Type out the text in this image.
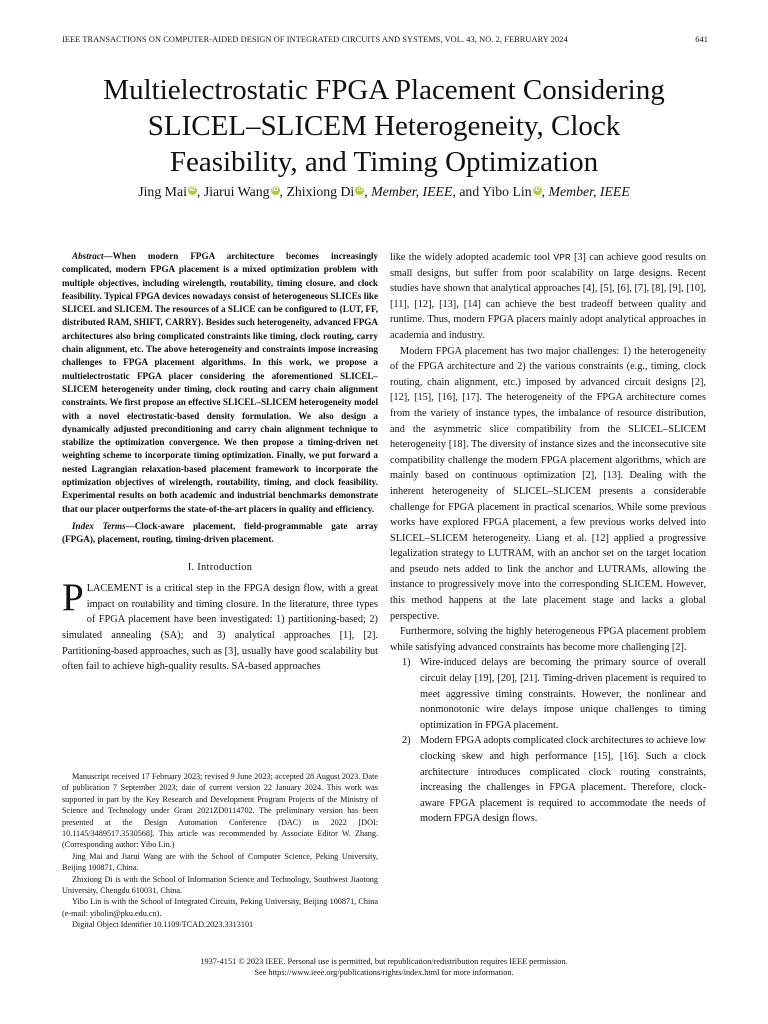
IEEE TRANSACTIONS ON COMPUTER-AIDED DESIGN OF INTEGRATED CIRCUITS AND SYSTEMS, VOL. 43, NO. 2, FEBRUARY 2024	641
Multielectrostatic FPGA Placement Considering
SLICEL–SLICEM Heterogeneity, Clock
Feasibility, and Timing Optimization
Jing Mai iD , Jiarui Wang iD , Zhixiong Di iD , Member, IEEE, and Yibo Lin iD , Member, IEEE

Abstract—When modern FPGA architecture becomes increasingly complicated, modern FPGA placement is a mixed optimization problem with multiple objectives, including wirelength, routability, timing closure, and clock feasibility. Typical FPGA devices nowadays consist of heterogeneous SLICEs like SLICEL and SLICEM. The resources of a SLICE can be configured to {LUT, FF, distributed RAM, SHIFT, CARRY}. Besides such heterogeneity, advanced FPGA architectures also bring complicated constraints like timing, clock routing, carry chain alignment, etc. The above heterogeneity and constraints impose increasing challenges to FPGA placement algorithms. In this work, we propose a multielectrostatic FPGA placer considering the aforementioned SLICEL–SLICEM heterogeneity under timing, clock routing and carry chain alignment constraints. We first propose an effective SLICEL–SLICEM heterogeneity model with a novel electrostatic-based density formulation. We also design a dynamically adjusted preconditioning and carry chain alignment technique to stabilize the optimization convergence. We then propose a timing-driven net weighting scheme to incorporate timing optimization. Finally, we put forward a nested Lagrangian relaxation-based placement framework to incorporate the optimization objectives of wirelength, routability, timing, and clock feasibility. Experimental results on both academic and industrial benchmarks demonstrate that our placer outperforms the state-of-the-art placers in quality and efficiency.

Index Terms—Clock-aware placement, field-programmable gate array (FPGA), placement, routing, timing-driven placement.

I. Introduction

PLACEMENT is a critical step in the FPGA design flow, with a great impact on routability and timing closure. In the literature, three types of FPGA placement have been investigated: 1) partitioning-based; 2) simulated annealing (SA); and 3) analytical approaches [1], [2]. Partitioning-based approaches, such as [3], usually have good scalability but often fail to achieve high-quality results. SA-based approaches

Manuscript received 17 February 2023; revised 9 June 2023; accepted 28 August 2023. Date of publication 7 September 2023; date of current version 22 January 2024. This work was supported in part by the Key Research and Development Program Projects of the Ministry of Science and Technology under Grant 2021ZD0114702. The preliminary version has been presented at the Design Automation Conference (DAC) in 2022 [DOI: 10.1145/3489517.3530568]. This article was recommended by Associate Editor W. Zhang. (Corresponding author: Yibo Lin.)

Jing Mai and Jiarui Wang are with the School of Computer Science, Peking University, Beijing 100871, China.

Zhixiong Di is with the School of Information Science and Technology, Southwest Jiaotong University, Chengdu 610031, China.

Yibo Lin is with the School of Integrated Circuits, Peking University, Beijing 100871, China (e-mail: yibolin@pku.edu.cn).

Digital Object Identifier 10.1109/TCAD.2023.3313101

like the widely adopted academic tool VPR [3] can achieve good results on small designs, but suffer from poor scalability on large designs. Recent studies have shown that analytical approaches [4], [5], [6], [7], [8], [9], [10], [11], [12], [13], [14] can achieve the best tradeoff between quality and runtime. Thus, modern FPGA placers mainly adopt analytical approaches in academia and industry.

Modern FPGA placement has two major challenges: 1) the heterogeneity of the FPGA architecture and 2) the various constraints (e.g., timing, clock routing, chain alignment, etc.) imposed by advanced circuit designs [2], [12], [15], [16], [17]. The heterogeneity of the FPGA architecture comes from the variety of instance types, the imbalance of resource distribution, and the asymmetric slice compatibility from the SLICEL–SLICEM heterogeneity [18]. The diversity of instance sizes and the inconsecutive site compatibility challenge the modern FPGA placement algorithms, which are mainly based on continuous optimization [2], [13]. Dealing with the inherent heterogeneity of SLICEL–SLICEM presents a considerable challenge for FPGA placement in practical scenarios. While some previous works have explored FPGA placement, a few previous works delved into SLICEL–SLICEM heterogeneity. Liang et al. [12] applied a progressive legalization strategy to LUTRAM, with an anchor set on the target location and pseudo nets added to link the anchor and LUTRAMs, allowing the instance to progressively move into the corresponding SLICEM. However, this method happens at the late placement stage and lacks a global perspective.

Furthermore, solving the highly heterogeneous FPGA placement problem while satisfying advanced constraints has become more challenging [2].

1) Wire-induced delays are becoming the primary source of overall circuit delay [19], [20], [21]. Timing-driven placement is required to meet aggressive timing constraints. However, the nonlinear and nonmonotonic wire delays impose unique challenges to timing optimization in FPGA placement.
2) Modern FPGA adopts complicated clock architectures to achieve low clocking skew and high performance [15], [16]. Such a clock architecture introduces complicated clock routing constraints, increasing the challenges in FPGA placement. Therefore, clock-aware FPGA placement is required to accommodate the needs of modern FPGA design flows.
1937-4151 © 2023 IEEE. Personal use is permitted, but republication/redistribution requires IEEE permission.
See https://www.ieee.org/publications/rights/index.html for more information.
